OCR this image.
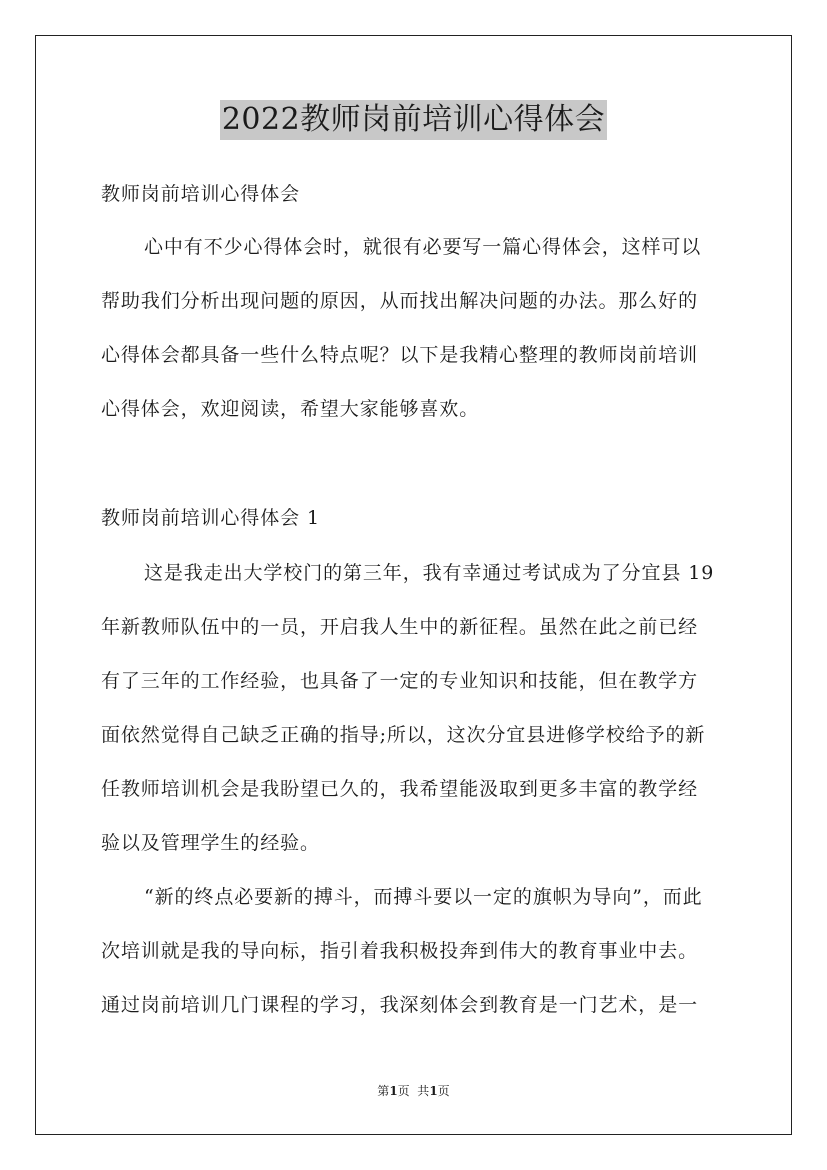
2022教师岗前培训心得体会
教师岗前培训心得体会
心中有不少心得体会时，就很有必要写一篇心得体会，这样可以
帮助我们分析出现问题的原因，从而找出解决问题的办法。那么好的
心得体会都具备一些什么特点呢？以下是我精心整理的教师岗前培训
心得体会，欢迎阅读，希望大家能够喜欢。
教师岗前培训心得体会 1
这是我走出大学校门的第三年，我有幸通过考试成为了分宜县 19
年新教师队伍中的一员，开启我人生中的新征程。虽然在此之前已经
有了三年的工作经验，也具备了一定的专业知识和技能，但在教学方
面依然觉得自己缺乏正确的指导;所以，这次分宜县进修学校给予的新
任教师培训机会是我盼望已久的，我希望能汲取到更多丰富的教学经
验以及管理学生的经验。
“新的终点必要新的搏斗，而搏斗要以一定的旗帜为导向”，而此
次培训就是我的导向标，指引着我积极投奔到伟大的教育事业中去。
通过岗前培训几门课程的学习，我深刻体会到教育是一门艺术，是一
第1页  共1页
